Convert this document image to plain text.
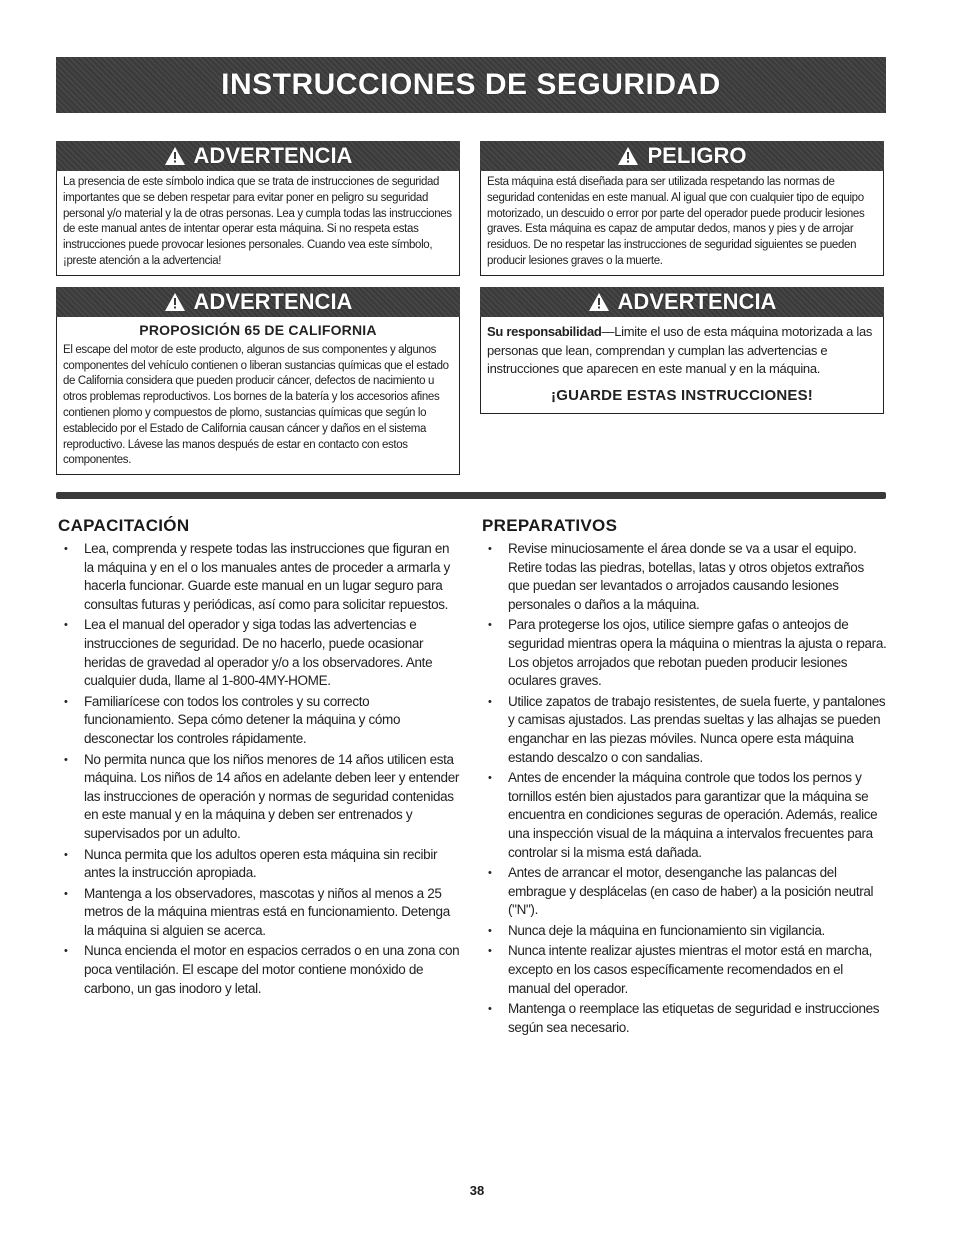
INSTRUCCIONES DE SEGURIDAD
ADVERTENCIA
La presencia de este símbolo indica que se trata de instrucciones de seguridad importantes que se deben respetar para evitar poner en peligro su seguridad personal y/o material y la de otras personas. Lea y cumpla todas las instrucciones de este manual antes de intentar operar esta máquina. Si no respeta estas instrucciones puede provocar lesiones personales. Cuando vea este símbolo, ¡preste atención a la advertencia!
PELIGRO
Esta máquina está diseñada para ser utilizada respetando las normas de seguridad contenidas en este manual. Al igual que con cualquier tipo de equipo motorizado, un descuido o error por parte del operador puede producir lesiones graves. Esta máquina es capaz de amputar dedos, manos y pies y de arrojar residuos. De no respetar las instrucciones de seguridad siguientes se pueden producir lesiones graves o la muerte.
ADVERTENCIA
PROPOSICIÓN 65 DE CALIFORNIA
El escape del motor de este producto, algunos de sus componentes y algunos componentes del vehículo contienen o liberan sustancias químicas que el estado de California considera que pueden producir cáncer, defectos de nacimiento u otros problemas reproductivos. Los bornes de la batería y los accesorios afines contienen plomo y compuestos de plomo, sustancias químicas que según lo establecido por el Estado de California causan cáncer y daños en el sistema reproductivo. Lávese las manos después de estar en contacto con estos componentes.
ADVERTENCIA
Su responsabilidad—Limite el uso de esta máquina motorizada a las personas que lean, comprendan y cumplan las advertencias e instrucciones que aparecen en este manual y en la máquina.
¡GUARDE ESTAS INSTRUCCIONES!
CAPACITACIÓN
• Lea, comprenda y respete todas las instrucciones que figuran en la máquina y en el o los manuales antes de proceder a armarla y hacerla funcionar. Guarde este manual en un lugar seguro para consultas futuras y periódicas, así como para solicitar repuestos.
• Lea el manual del operador y siga todas las advertencias e instrucciones de seguridad. De no hacerlo, puede ocasionar heridas de gravedad al operador y/o a los observadores. Ante cualquier duda, llame al 1-800-4MY-HOME.
• Familiarícese con todos los controles y su correcto funcionamiento. Sepa cómo detener la máquina y cómo desconectar los controles rápidamente.
• No permita nunca que los niños menores de 14 años utilicen esta máquina. Los niños de 14 años en adelante deben leer y entender las instrucciones de operación y normas de seguridad contenidas en este manual y en la máquina y deben ser entrenados y supervisados por un adulto.
• Nunca permita que los adultos operen esta máquina sin recibir antes la instrucción apropiada.
• Mantenga a los observadores, mascotas y niños al menos a 25 metros de la máquina mientras está en funcionamiento. Detenga la máquina si alguien se acerca.
• Nunca encienda el motor en espacios cerrados o en una zona con poca ventilación. El escape del motor contiene monóxido de carbono, un gas inodoro y letal.
PREPARATIVOS
• Revise minuciosamente el área donde se va a usar el equipo. Retire todas las piedras, botellas, latas y otros objetos extraños que puedan ser levantados o arrojados causando lesiones personales o daños a la máquina.
• Para protegerse los ojos, utilice siempre gafas o anteojos de seguridad mientras opera la máquina o mientras la ajusta o repara. Los objetos arrojados que rebotan pueden producir lesiones oculares graves.
• Utilice zapatos de trabajo resistentes, de suela fuerte, y pantalones y camisas ajustados. Las prendas sueltas y las alhajas se pueden enganchar en las piezas móviles. Nunca opere esta máquina estando descalzo o con sandalias.
• Antes de encender la máquina controle que todos los pernos y tornillos estén bien ajustados para garantizar que la máquina se encuentra en condiciones seguras de operación. Además, realice una inspección visual de la máquina a intervalos frecuentes para controlar si la misma está dañada.
• Antes de arrancar el motor, desenganche las palancas del embrague y desplácelas (en caso de haber) a la posición neutral ("N").
• Nunca deje la máquina en funcionamiento sin vigilancia.
• Nunca intente realizar ajustes mientras el motor está en marcha, excepto en los casos específicamente recomendados en el manual del operador.
• Mantenga o reemplace las etiquetas de seguridad e instrucciones según sea necesario.
38
